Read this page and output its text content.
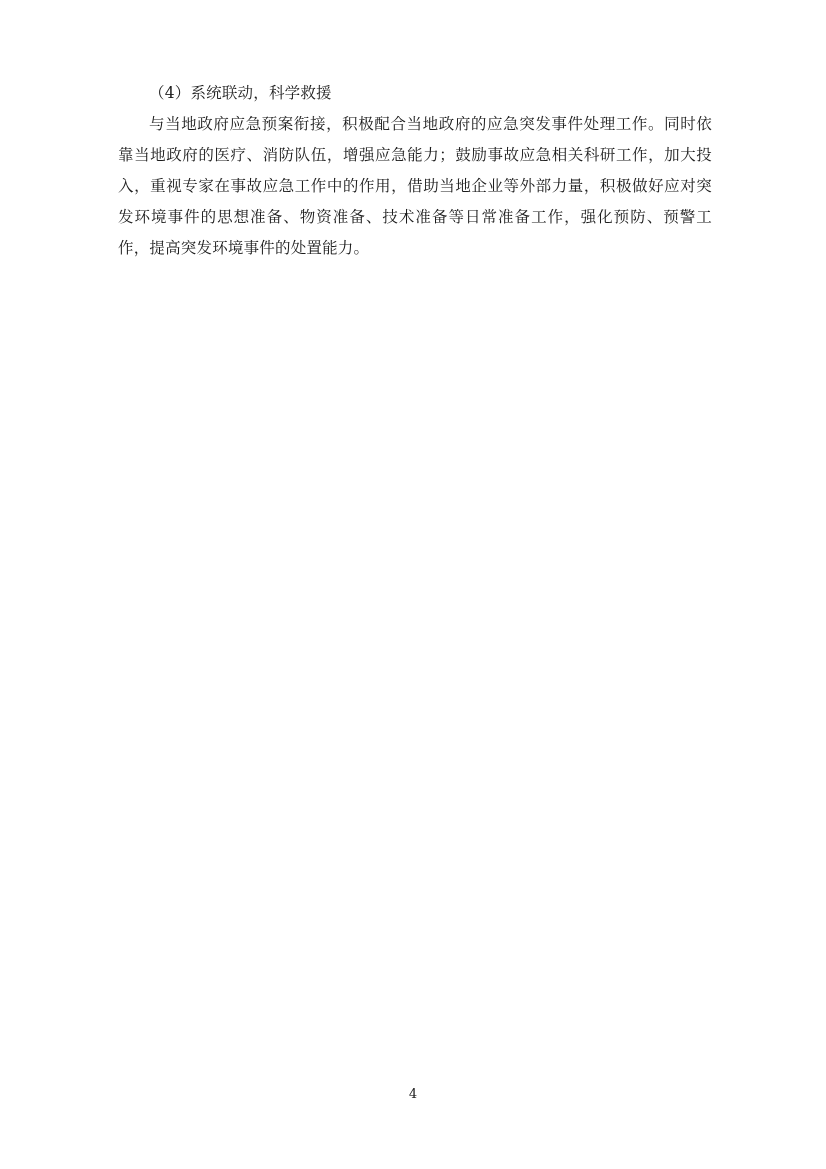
（4）系统联动，科学救援

与当地政府应急预案衔接，积极配合当地政府的应急突发事件处理工作。同时依靠当地政府的医疗、消防队伍，增强应急能力；鼓励事故应急相关科研工作，加大投入，重视专家在事故应急工作中的作用，借助当地企业等外部力量，积极做好应对突发环境事件的思想准备、物资准备、技术准备等日常准备工作，强化预防、预警工作，提高突发环境事件的处置能力。

4
